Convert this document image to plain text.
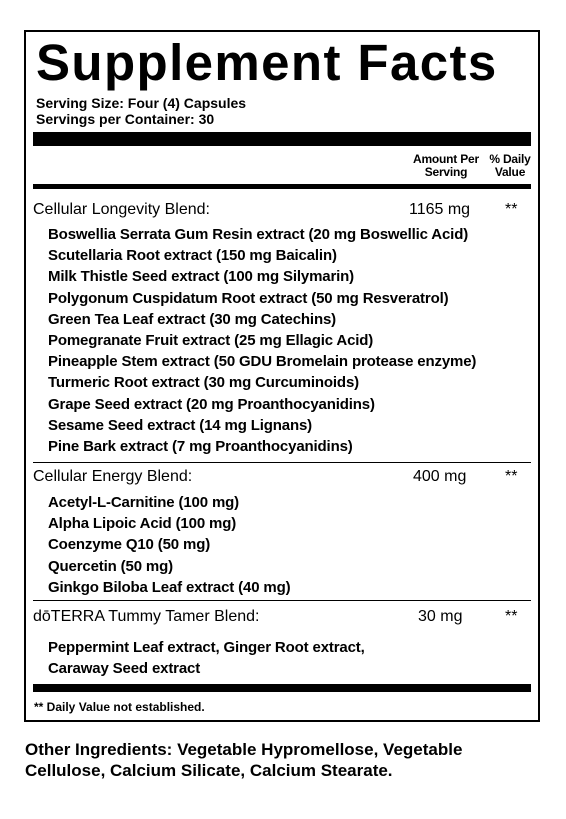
Supplement Facts
Serving Size: Four (4) Capsules
Servings per Container: 30
Amount Per
Serving
% Daily
Value
Cellular Longevity Blend:	1165 mg **
Boswellia Serrata Gum Resin extract (20 mg Boswellic Acid)
Scutellaria Root extract (150 mg Baicalin)
Milk Thistle Seed extract (100 mg Silymarin)
Polygonum Cuspidatum Root extract (50 mg Resveratrol)
Green Tea Leaf extract (30 mg Catechins)
Pomegranate Fruit extract (25 mg Ellagic Acid)
Pineapple Stem extract (50 GDU Bromelain protease enzyme)
Turmeric Root extract (30 mg Curcuminoids)
Grape Seed extract (20 mg Proanthocyanidins)
Sesame Seed extract (14 mg Lignans)
Pine Bark extract (7 mg Proanthocyanidins)
Cellular Energy Blend:	400 mg **
Acetyl-L-Carnitine (100 mg)
Alpha Lipoic Acid (100 mg)
Coenzyme Q10 (50 mg)
Quercetin (50 mg)
Ginkgo Biloba Leaf extract (40 mg)
dōTERRA Tummy Tamer Blend:	30 mg	**
Peppermint Leaf extract, Ginger Root extract,
Caraway Seed extract
** Daily Value not established.
Other Ingredients: Vegetable Hypromellose, Vegetable Cellulose, Calcium Silicate, Calcium Stearate.
